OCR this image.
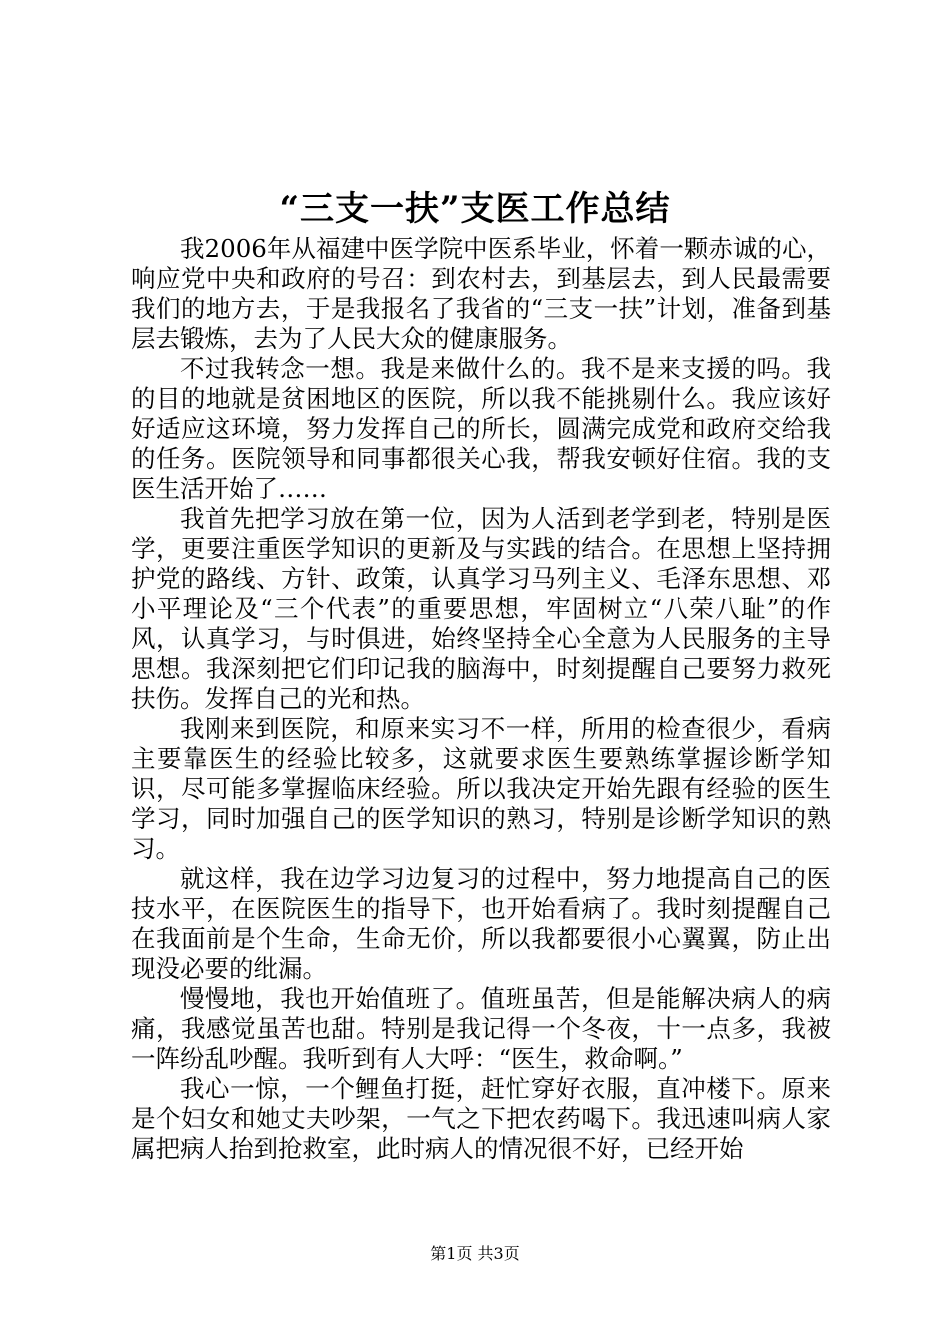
“三支一扶”支医工作总结

我2006年从福建中医学院中医系毕业，怀着一颗赤诚的心，响应党中央和政府的号召：到农村去，到基层去，到人民最需要我们的地方去，于是我报名了我省的“三支一扶”计划，准备到基层去锻炼，去为了人民大众的健康服务。

不过我转念一想。我是来做什么的。我不是来支援的吗。我的目的地就是贫困地区的医院，所以我不能挑剔什么。我应该好好适应这环境，努力发挥自己的所长，圆满完成党和政府交给我的任务。医院领导和同事都很关心我，帮我安顿好住宿。我的支医生活开始了……

我首先把学习放在第一位，因为人活到老学到老，特别是医学，更要注重医学知识的更新及与实践的结合。在思想上坚持拥护党的路线、方针、政策，认真学习马列主义、毛泽东思想、邓小平理论及“三个代表”的重要思想，牢固树立“八荣八耻”的作风，认真学习，与时俱进，始终坚持全心全意为人民服务的主导思想。我深刻把它们印记我的脑海中，时刻提醒自己要努力救死扶伤。发挥自己的光和热。

我刚来到医院，和原来实习不一样，所用的检查很少，看病主要靠医生的经验比较多，这就要求医生要熟练掌握诊断学知识，尽可能多掌握临床经验。所以我决定开始先跟有经验的医生学习，同时加强自己的医学知识的熟习，特别是诊断学知识的熟习。

就这样，我在边学习边复习的过程中，努力地提高自己的医技水平，在医院医生的指导下，也开始看病了。我时刻提醒自己在我面前是个生命，生命无价，所以我都要很小心翼翼，防止出现没必要的纰漏。

慢慢地，我也开始值班了。值班虽苦，但是能解决病人的病痛，我感觉虽苦也甜。特别是我记得一个冬夜，十一点多，我被一阵纷乱吵醒。我听到有人大呼：“医生，救命啊。”

我心一惊，一个鲤鱼打挺，赶忙穿好衣服，直冲楼下。原来是个妇女和她丈夫吵架，一气之下把农药喝下。我迅速叫病人家属把病人抬到抢救室，此时病人的情况很不好，已经开始

第1页 共3页
